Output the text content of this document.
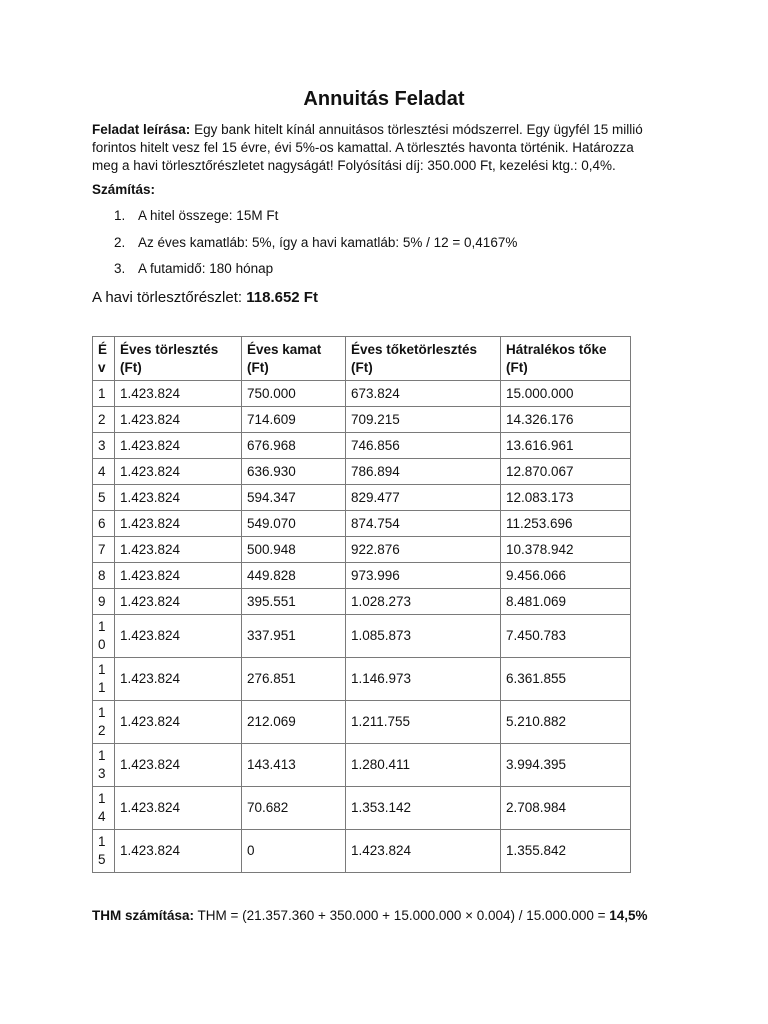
Annuitás Feladat

Feladat leírása: Egy bank hitelt kínál annuitásos törlesztési módszerrel. Egy ügyfél 15 millió forintos hitelt vesz fel 15 évre, évi 5%-os kamattal. A törlesztés havonta történik. Határozza meg a havi törlesztőrészletet nagyságát! Folyósítási díj: 350.000 Ft, kezelési ktg.: 0,4%.

Számítás:

1. A hitel összege: 15M Ft
2. Az éves kamatláb: 5%, így a havi kamatláb: 5% / 12 = 0,4167%
3. A futamidő: 180 hónap

A havi törlesztőrészlet: 118.652 Ft

Év	Éves törlesztés (Ft)	Éves kamat (Ft)	Éves tőketörlesztés (Ft)	Hátralékos tőke (Ft)
1	1.423.824	750.000	673.824	15.000.000
2	1.423.824	714.609	709.215	14.326.176
3	1.423.824	676.968	746.856	13.616.961
4	1.423.824	636.930	786.894	12.870.067
5	1.423.824	594.347	829.477	12.083.173
6	1.423.824	549.070	874.754	11.253.696
7	1.423.824	500.948	922.876	10.378.942
8	1.423.824	449.828	973.996	9.456.066
9	1.423.824	395.551	1.028.273	8.481.069
10	1.423.824	337.951	1.085.873	7.450.783
11	1.423.824	276.851	1.146.973	6.361.855
12	1.423.824	212.069	1.211.755	5.210.882
13	1.423.824	143.413	1.280.411	3.994.395
14	1.423.824	70.682	1.353.142	2.708.984
15	1.423.824	0	1.423.824	1.355.842

THM számítása: THM = (21.357.360 + 350.000 + 15.000.000 × 0.004) / 15.000.000 = 14,5%
